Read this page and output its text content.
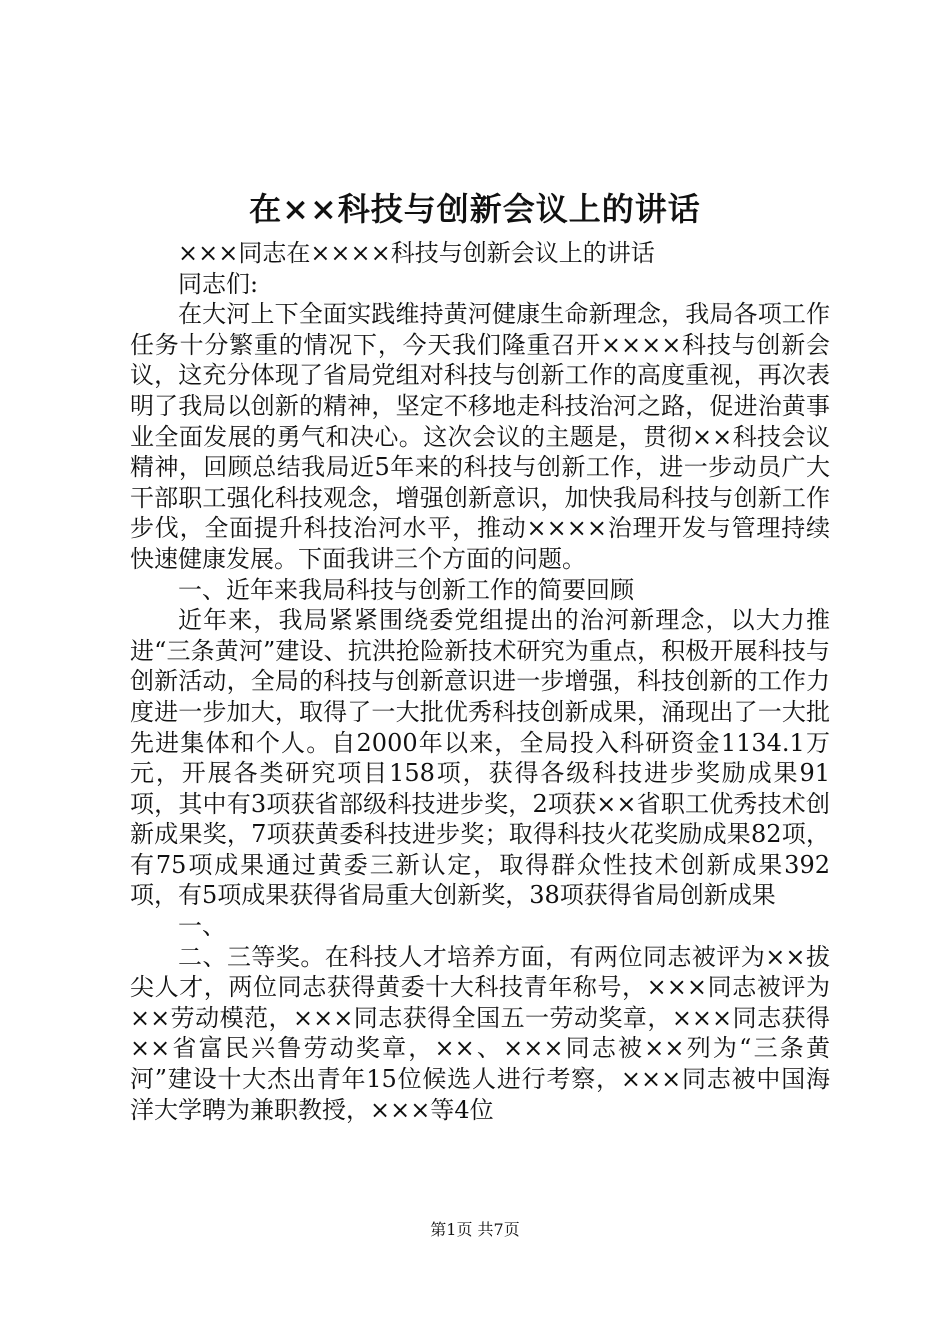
在××科技与创新会议上的讲话

×××同志在××××科技与创新会议上的讲话

同志们:

在大河上下全面实践维持黄河健康生命新理念，我局各项工作任务十分繁重的情况下，今天我们隆重召开××××科技与创新会议，这充分体现了省局党组对科技与创新工作的高度重视，再次表明了我局以创新的精神，坚定不移地走科技治河之路，促进治黄事业全面发展的勇气和决心。这次会议的主题是，贯彻××科技会议精神，回顾总结我局近5年来的科技与创新工作，进一步动员广大干部职工强化科技观念，增强创新意识，加快我局科技与创新工作步伐，全面提升科技治河水平，推动××××治理开发与管理持续快速健康发展。下面我讲三个方面的问题。

一、近年来我局科技与创新工作的简要回顾

近年来，我局紧紧围绕委党组提出的治河新理念，以大力推进“三条黄河”建设、抗洪抢险新技术研究为重点，积极开展科技与创新活动，全局的科技与创新意识进一步增强，科技创新的工作力度进一步加大，取得了一大批优秀科技创新成果，涌现出了一大批先进集体和个人。自2000年以来，全局投入科研资金1134.1万元，开展各类研究项目158项，获得各级科技进步奖励成果91项，其中有3项获省部级科技进步奖，2项获××省职工优秀技术创新成果奖，7项获黄委科技进步奖；取得科技火花奖励成果82项，有75项成果通过黄委三新认定，取得群众性技术创新成果392项，有5项成果获得省局重大创新奖，38项获得省局创新成果

一、

二、三等奖。在科技人才培养方面，有两位同志被评为××拔尖人才，两位同志获得黄委十大科技青年称号，×××同志被评为××劳动模范，×××同志获得全国五一劳动奖章，×××同志获得××省富民兴鲁劳动奖章，××、×××同志被××列为“三条黄河”建设十大杰出青年15位候选人进行考察，×××同志被中国海洋大学聘为兼职教授，×××等4位

第1页 共7页
